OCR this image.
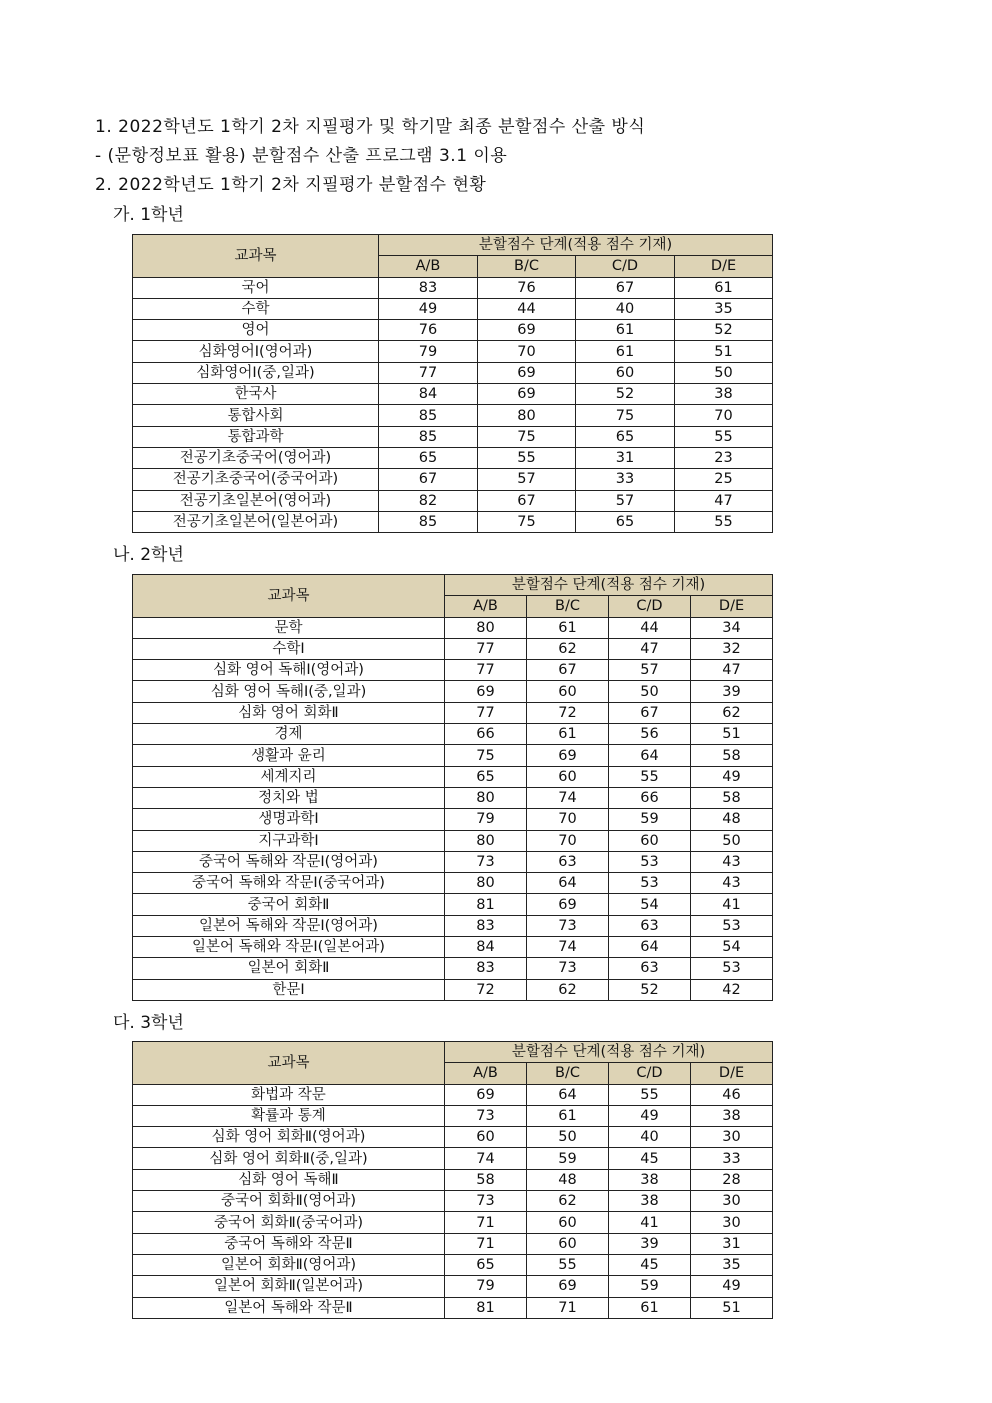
1. 2022학년도 1학기 2차 지필평가 및 학기말 최종 분할점수 산출 방식
- (문항정보표 활용) 분할점수 산출 프로그램 3.1 이용
2. 2022학년도 1학기 2차 지필평가 분할점수 현황
가. 1학년
교과목	분할점수 단계(적용 점수 기재)			
	A/B	B/C	C/D	D/E
국어	83	76	67	61
수학	49	44	40	35
영어	76	69	61	52
심화영어Ⅰ(영어과)	79	70	61	51
심화영어Ⅰ(중,일과)	77	69	60	50
한국사	84	69	52	38
통합사회	85	80	75	70
통합과학	85	75	65	55
전공기초중국어(영어과)	65	55	31	23
전공기초중국어(중국어과)	67	57	33	25
전공기초일본어(영어과)	82	67	57	47
전공기초일본어(일본어과)	85	75	65	55
나. 2학년
교과목	분할점수 단계(적용 점수 기재)			
	A/B	B/C	C/D	D/E
문학	80	61	44	34
수학Ⅰ	77	62	47	32
심화 영어 독해Ⅰ(영어과)	77	67	57	47
심화 영어 독해Ⅰ(중,일과)	69	60	50	39
심화 영어 회화Ⅱ	77	72	67	62
경제	66	61	56	51
생활과 윤리	75	69	64	58
세계지리	65	60	55	49
정치와 법	80	74	66	58
생명과학Ⅰ	79	70	59	48
지구과학Ⅰ	80	70	60	50
중국어 독해와 작문Ⅰ(영어과)	73	63	53	43
중국어 독해와 작문Ⅰ(중국어과)	80	64	53	43
중국어 회화Ⅱ	81	69	54	41
일본어 독해와 작문Ⅰ(영어과)	83	73	63	53
일본어 독해와 작문Ⅰ(일본어과)	84	74	64	54
일본어 회화Ⅱ	83	73	63	53
한문Ⅰ	72	62	52	42
다. 3학년
교과목	분할점수 단계(적용 점수 기재)			
	A/B	B/C	C/D	D/E
화법과 작문	69	64	55	46
확률과 통계	73	61	49	38
심화 영어 회화Ⅱ(영어과)	60	50	40	30
심화 영어 회화Ⅱ(중,일과)	74	59	45	33
심화 영어 독해Ⅱ	58	48	38	28
중국어 회화Ⅱ(영어과)	73	62	38	30
중국어 회화Ⅱ(중국어과)	71	60	41	30
중국어 독해와 작문Ⅱ	71	60	39	31
일본어 회화Ⅱ(영어과)	65	55	45	35
일본어 회화Ⅱ(일본어과)	79	69	59	49
일본어 독해와 작문Ⅱ	81	71	61	51
